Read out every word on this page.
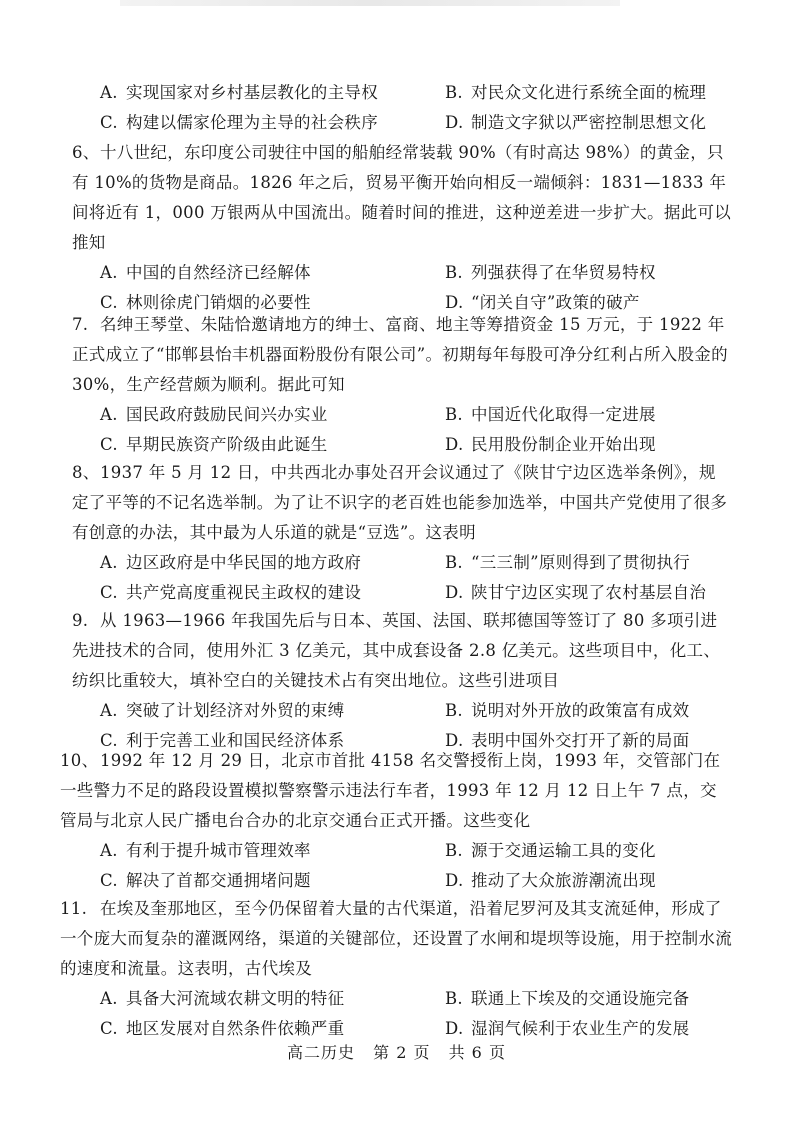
A. 实现国家对乡村基层教化的主导权	B. 对民众文化进行系统全面的梳理
C. 构建以儒家伦理为主导的社会秩序	D. 制造文字狱以严密控制思想文化

6、十八世纪，东印度公司驶往中国的船舶经常装载 90%（有时高达 98%）的黄金，只有 10%的货物是商品。1826 年之后，贸易平衡开始向相反一端倾斜：1831—1833 年间将近有 1，000 万银两从中国流出。随着时间的推进，这种逆差进一步扩大。据此可以推知

A. 中国的自然经济已经解体	B. 列强获得了在华贸易特权
C. 林则徐虎门销烟的必要性	D. “闭关自守”政策的破产

7. 名绅王琴堂、朱陆恰邀请地方的绅士、富商、地主等筹措资金 15 万元，于 1922 年正式成立了“邯郸县怡丰机器面粉股份有限公司”。初期每年每股可净分红利占所入股金的 30%，生产经营颇为顺利。据此可知

A. 国民政府鼓励民间兴办实业	B. 中国近代化取得一定进展
C. 早期民族资产阶级由此诞生	D. 民用股份制企业开始出现

8、1937 年 5 月 12 日，中共西北办事处召开会议通过了《陕甘宁边区选举条例》，规定了平等的不记名选举制。为了让不识字的老百姓也能参加选举，中国共产党使用了很多有创意的办法，其中最为人乐道的就是“豆选”。这表明

A. 边区政府是中华民国的地方政府	B. “三三制”原则得到了贯彻执行
C. 共产党高度重视民主政权的建设	D. 陕甘宁边区实现了农村基层自治

9. 从 1963—1966 年我国先后与日本、英国、法国、联邦德国等签订了 80 多项引进先进技术的合同，使用外汇 3 亿美元，其中成套设备 2.8 亿美元。这些项目中，化工、纺织比重较大，填补空白的关键技术占有突出地位。这些引进项目

A. 突破了计划经济对外贸的束缚	B. 说明对外开放的政策富有成效
C. 利于完善工业和国民经济体系	D. 表明中国外交打开了新的局面

10、1992 年 12 月 29 日，北京市首批 4158 名交警授衔上岗，1993 年，交管部门在一些警力不足的路段设置模拟警察警示违法行车者，1993 年 12 月 12 日上午 7 点，交管局与北京人民广播电台合办的北京交通台正式开播。这些变化

A. 有利于提升城市管理效率	B. 源于交通运输工具的变化
C. 解决了首都交通拥堵问题	D. 推动了大众旅游潮流出现

11. 在埃及奎那地区，至今仍保留着大量的古代渠道，沿着尼罗河及其支流延伸，形成了一个庞大而复杂的灌溉网络，渠道的关键部位，还设置了水闸和堤坝等设施，用于控制水流的速度和流量。这表明，古代埃及

A. 具备大河流域农耕文明的特征	B. 联通上下埃及的交通设施完备
C. 地区发展对自然条件依赖严重	D. 湿润气候利于农业生产的发展
高二历史 第 2 页 共 6 页
